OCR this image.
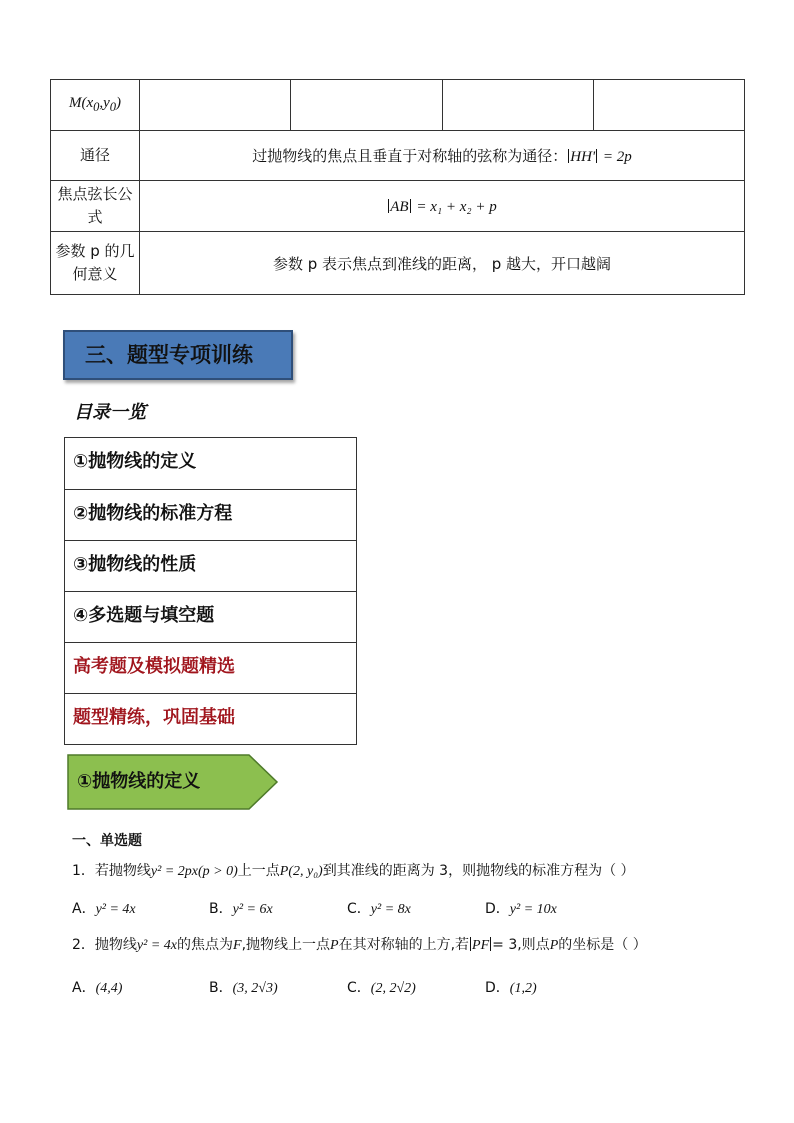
$M(x_0,y_0)$				
通径	过抛物线的焦点且垂直于对称轴的弦称为通径： HH' = 2p			
焦点弦长公式	AB = x₁ + x₂ + p			
参数 p 的几何意义	参数 p 表示焦点到准线的距离， p 越大，开口越阔			
三、题型专项训练
目录一览
①抛物线的定义
②抛物线的标准方程
③抛物线的性质
④多选题与填空题
高考题及模拟题精选
题型精练，巩固基础
①抛物线的定义
一、单选题
1．若抛物线y² = 2px(p > 0)上一点P(2, y₀)到其准线的距离为 3，则抛物线的标准方程为（ ）
A．y² = 4x	B．y² = 6x	C．y² = 8x	D．y² = 10x
2．抛物线y² = 4x的焦点为F,抛物线上一点P在其对称轴的上方,若 PF = 3,则点P的坐标是（ ）
A．(4,4)	B．(3, 2√3)	C．(2, 2√2)	D．(1,2)
